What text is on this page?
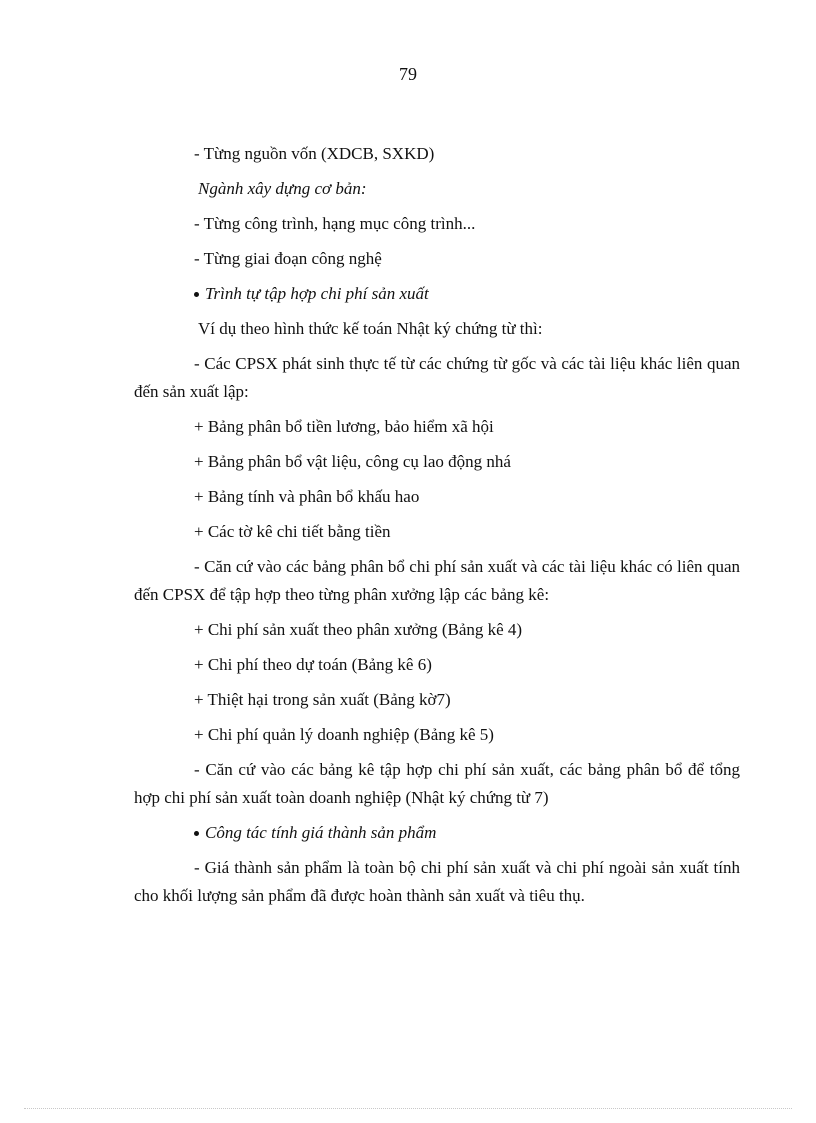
79
- Từng nguồn vốn (XDCB, SXKD)
Ngành xây dựng cơ bản:
- Từng công trình, hạng mục công trình...
- Từng giai đoạn công nghệ
Trình tự tập hợp chi phí sản xuất
Ví dụ theo hình thức kế toán Nhật ký chứng từ thì:
- Các CPSX phát sinh thực tế từ các chứng từ gốc và các tài liệu khác liên quan đến sản xuất lập:
+ Bảng phân bổ tiền lương, bảo hiểm xã hội
+ Bảng phân bổ vật liệu, công cụ lao động nhá
+ Bảng tính và phân bổ khấu hao
+ Các tờ kê chi tiết bằng tiền
- Căn cứ vào các bảng phân bổ chi phí sản xuất và các tài liệu khác có liên quan đến CPSX để tập hợp theo từng phân xưởng lập các bảng kê:
+ Chi phí sản xuất theo phân xưởng (Bảng kê 4)
+ Chi phí theo dự toán (Bảng kê 6)
+ Thiệt hại trong sản xuất (Bảng kờ7)
+ Chi phí quản lý doanh nghiệp (Bảng kê 5)
- Căn cứ vào các bảng kê tập hợp chi phí sản xuất, các bảng phân bổ để tổng hợp chi phí sản xuất toàn doanh nghiệp (Nhật ký chứng từ 7)
Công tác tính giá thành sản phẩm
- Giá thành sản phẩm là toàn bộ chi phí sản xuất và chi phí ngoài sản xuất tính cho khối lượng sản phẩm đã được hoàn thành sản xuất và tiêu thụ.
